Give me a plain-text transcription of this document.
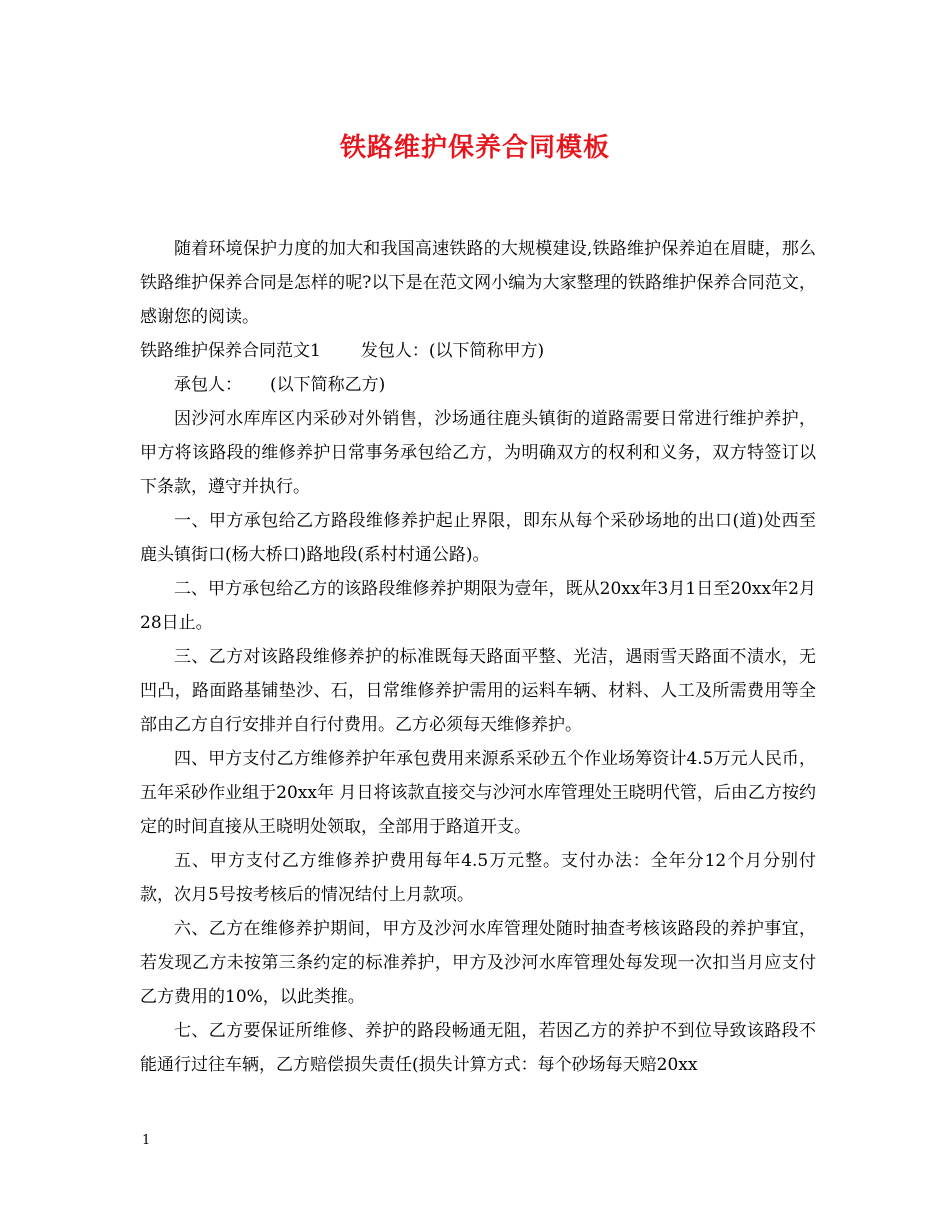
铁路维护保养合同模板

随着环境保护力度的加大和我国高速铁路的大规模建设,铁路维护保养迫在眉睫，那么铁路维护保养合同是怎样的呢?以下是在范文网小编为大家整理的铁路维护保养合同范文，感谢您的阅读。

铁路维护保养合同范文1 发包人：(以下简称甲方)
承包人： (以下简称乙方)

因沙河水库库区内采砂对外销售，沙场通往鹿头镇街的道路需要日常进行维护养护，甲方将该路段的维修养护日常事务承包给乙方，为明确双方的权利和义务，双方特签订以下条款，遵守并执行。

一、甲方承包给乙方路段维修养护起止界限，即东从每个采砂场地的出口(道)处西至鹿头镇街口(杨大桥口)路地段(系村村通公路)。

二、甲方承包给乙方的该路段维修养护期限为壹年，既从20xx年3月1日至20xx年2月28日止。

三、乙方对该路段维修养护的标准既每天路面平整、光洁，遇雨雪天路面不渍水，无凹凸，路面路基铺垫沙、石，日常维修养护需用的运料车辆、材料、人工及所需费用等全部由乙方自行安排并自行付费用。乙方必须每天维修养护。

四、甲方支付乙方维修养护年承包费用来源系采砂五个作业场筹资计4.5万元人民币，五年采砂作业组于20xx年 月日将该款直接交与沙河水库管理处王晓明代管，后由乙方按约定的时间直接从王晓明处领取，全部用于路道开支。

五、甲方支付乙方维修养护费用每年4.5万元整。支付办法：全年分12个月分别付款，次月5号按考核后的情况结付上月款项。

六、乙方在维修养护期间，甲方及沙河水库管理处随时抽查考核该路段的养护事宜，若发现乙方未按第三条约定的标准养护，甲方及沙河水库管理处每发现一次扣当月应支付乙方费用的10%，以此类推。

七、乙方要保证所维修、养护的路段畅通无阻，若因乙方的养护不到位导致该路段不能通行过往车辆，乙方赔偿损失责任(损失计算方式：每个砂场每天赔20xx

1
